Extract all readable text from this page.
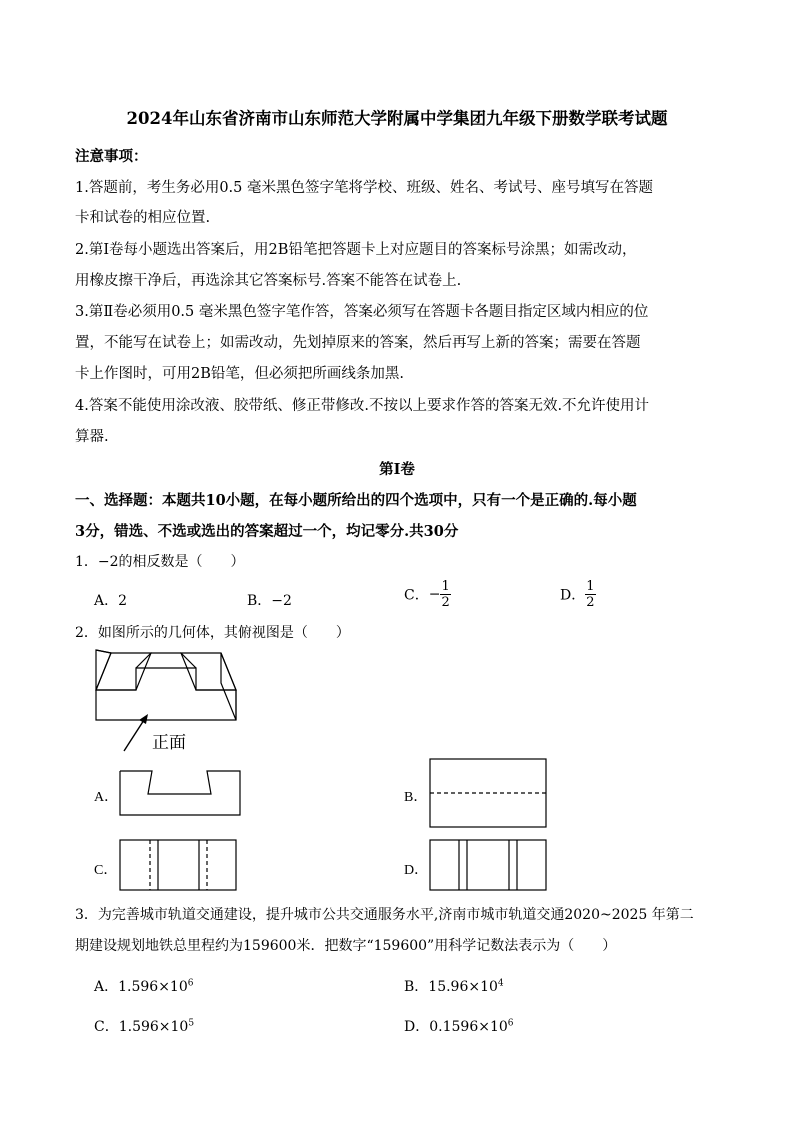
2024年山东省济南市山东师范大学附属中学集团九年级下册数学联考试题
注意事项：
1.答题前，考生务必用0.5 毫米黑色签字笔将学校、班级、姓名、考试号、座号填写在答题
卡和试卷的相应位置.
2.第Ⅰ卷每小题选出答案后，用2B铅笔把答题卡上对应题目的答案标号涂黑；如需改动，
用橡皮擦干净后，再选涂其它答案标号.答案不能答在试卷上.
3.第Ⅱ卷必须用0.5 毫米黑色签字笔作答，答案必须写在答题卡各题目指定区域内相应的位
置，不能写在试卷上；如需改动，先划掉原来的答案，然后再写上新的答案；需要在答题
卡上作图时，可用2B铅笔，但必须把所画线条加黑.
4.答案不能使用涂改液、胶带纸、修正带修改.不按以上要求作答的答案无效.不允许使用计
算器.
第Ⅰ卷
一、选择题：本题共10小题，在每小题所给出的四个选项中，只有一个是正确的.每小题
3分，错选、不选或选出的答案超过一个，均记零分.共30分
1．−2的相反数是（　　）
A．2	B．−2	C．− $\frac{1}{2}$	D． $\frac{1}{2}$
2．如图所示的几何体，其俯视图是（　　）
正面
A．	B．
C．	D．
3．为完善城市轨道交通建设，提升城市公共交通服务水平,济南市城市轨道交通2020~2025 年第二
期建设规划地铁总里程约为159600米．把数字“159600”用科学记数法表示为（　　）
A．$1.596\times 10^6$	B．$15.96\times 10^4$
C．$1.596\times 10^5$	D．$0.1596\times 10^6$
